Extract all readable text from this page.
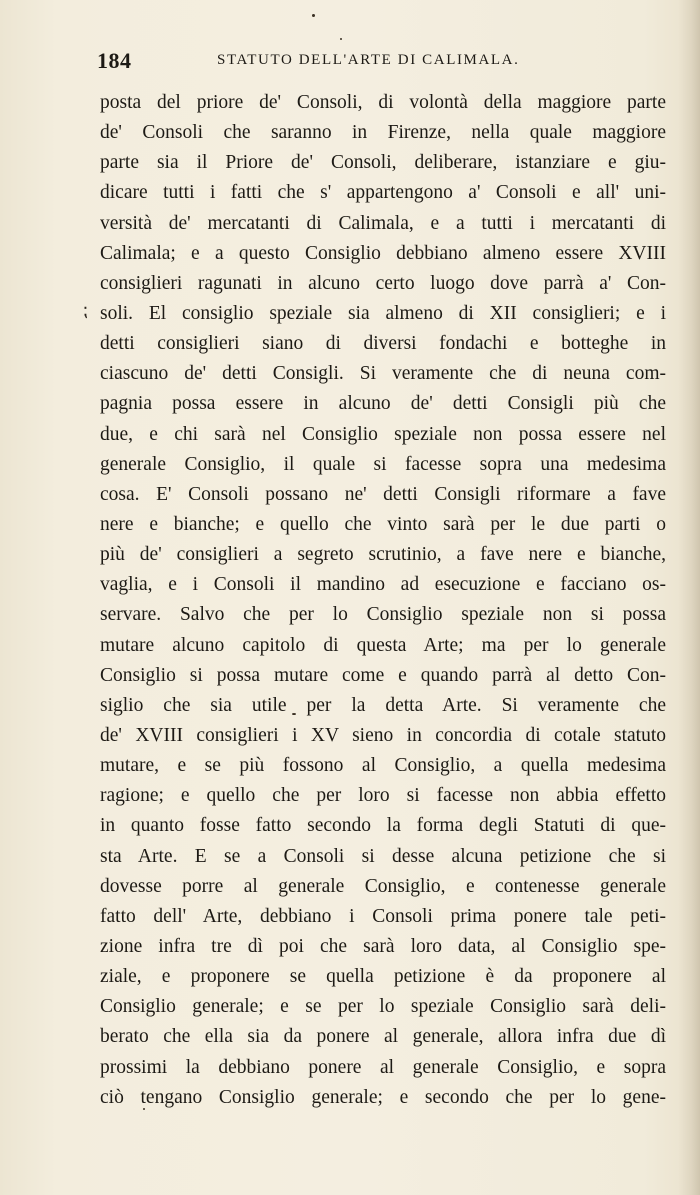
⁏
184	STATUTO DELL'ARTE DI CALIMALA.
posta del priore de' Consoli, di volontà della maggiore parte
de' Consoli che saranno in Firenze, nella quale maggiore
parte sia il Priore de' Consoli, deliberare, istanziare e giu-
dicare tutti i fatti che s' appartengono a' Consoli e all' uni-
versità de' mercatanti di Calimala, e a tutti i mercatanti di
Calimala; e a questo Consiglio debbiano almeno essere XVIII
consiglieri ragunati in alcuno certo luogo dove parrà a' Con-
soli. El consiglio speziale sia almeno di XII consiglieri; e i
detti consiglieri siano di diversi fondachi e botteghe in
ciascuno de' detti Consigli. Si veramente che di neuna com-
pagnia possa essere in alcuno de' detti Consigli più che
due, e chi sarà nel Consiglio speziale non possa essere nel
generale Consiglio, il quale si facesse sopra una medesima
cosa. E' Consoli possano ne' detti Consigli riformare a fave
nere e bianche; e quello che vinto sarà per le due parti o
più de' consiglieri a segreto scrutinio, a fave nere e bianche,
vaglia, e i Consoli il mandino ad esecuzione e facciano os-
servare. Salvo che per lo Consiglio speziale non si possa
mutare alcuno capitolo di questa Arte; ma per lo generale
Consiglio si possa mutare come e quando parrà al detto Con-
siglio che sia utile per la detta Arte. Si veramente che
de' XVIII consiglieri i XV sieno in concordia di cotale statuto
mutare, e se più fossono al Consiglio, a quella medesima
ragione; e quello che per loro si facesse non abbia effetto
in quanto fosse fatto secondo la forma degli Statuti di que-
sta Arte. E se a Consoli si desse alcuna petizione che si
dovesse porre al generale Consiglio, e contenesse generale
fatto dell' Arte, debbiano i Consoli prima ponere tale peti-
zione infra tre dì poi che sarà loro data, al Consiglio spe-
ziale, e proponere se quella petizione è da proponere al
Consiglio generale; e se per lo speziale Consiglio sarà deli-
berato che ella sia da ponere al generale, allora infra due dì
prossimi la debbiano ponere al generale Consiglio, e sopra
ciò tengano Consiglio generale; e secondo che per lo gene-
